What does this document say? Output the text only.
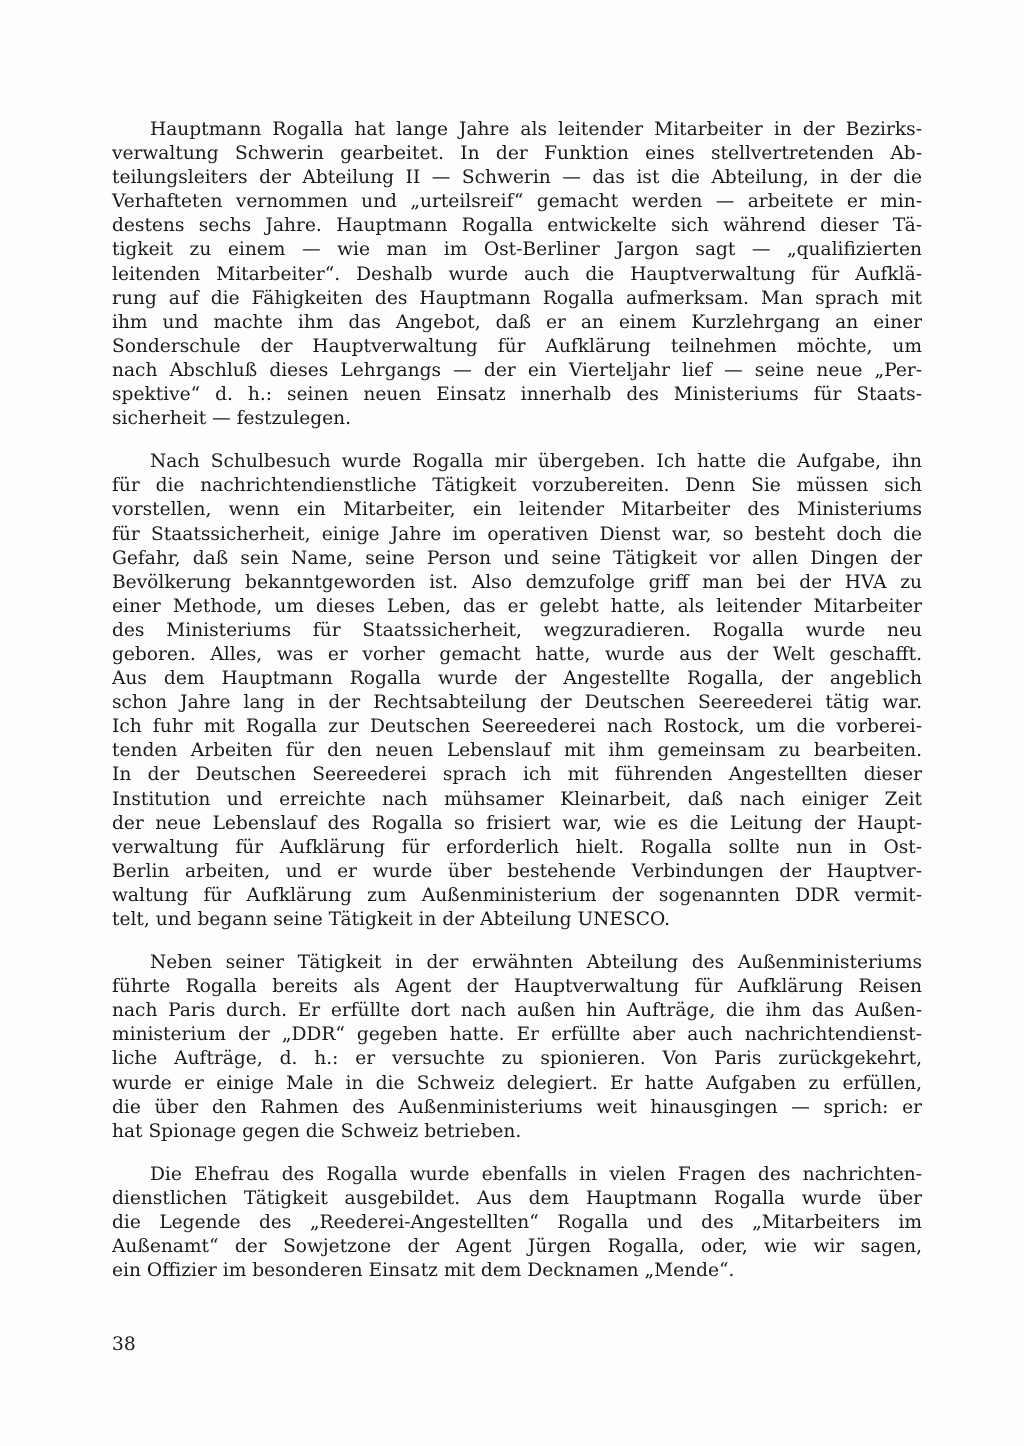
Hauptmann Rogalla hat lange Jahre als leitender Mitarbeiter in der Bezirks-
verwaltung Schwerin gearbeitet. In der Funktion eines stellvertretenden Ab-
teilungsleiters der Abteilung II — Schwerin — das ist die Abteilung, in der die
Verhafteten vernommen und „urteilsreif“ gemacht werden — arbeitete er min-
destens sechs Jahre. Hauptmann Rogalla entwickelte sich während dieser Tä-
tigkeit zu einem — wie man im Ost-Berliner Jargon sagt — „qualifizierten
leitenden Mitarbeiter“. Deshalb wurde auch die Hauptverwaltung für Aufklä-
rung auf die Fähigkeiten des Hauptmann Rogalla aufmerksam. Man sprach mit
ihm und machte ihm das Angebot, daß er an einem Kurzlehrgang an einer
Sonderschule der Hauptverwaltung für Aufklärung teilnehmen möchte, um
nach Abschluß dieses Lehrgangs — der ein Vierteljahr lief — seine neue „Per-
spektive“ d. h.: seinen neuen Einsatz innerhalb des Ministeriums für Staats-
sicherheit — festzulegen.
Nach Schulbesuch wurde Rogalla mir übergeben. Ich hatte die Aufgabe, ihn
für die nachrichtendienstliche Tätigkeit vorzubereiten. Denn Sie müssen sich
vorstellen, wenn ein Mitarbeiter, ein leitender Mitarbeiter des Ministeriums
für Staatssicherheit, einige Jahre im operativen Dienst war, so besteht doch die
Gefahr, daß sein Name, seine Person und seine Tätigkeit vor allen Dingen der
Bevölkerung bekanntgeworden ist. Also demzufolge griff man bei der HVA zu
einer Methode, um dieses Leben, das er gelebt hatte, als leitender Mitarbeiter
des Ministeriums für Staatssicherheit, wegzuradieren. Rogalla wurde neu
geboren. Alles, was er vorher gemacht hatte, wurde aus der Welt geschafft.
Aus dem Hauptmann Rogalla wurde der Angestellte Rogalla, der angeblich
schon Jahre lang in der Rechtsabteilung der Deutschen Seereederei tätig war.
Ich fuhr mit Rogalla zur Deutschen Seereederei nach Rostock, um die vorberei-
tenden Arbeiten für den neuen Lebenslauf mit ihm gemeinsam zu bearbeiten.
In der Deutschen Seereederei sprach ich mit führenden Angestellten dieser
Institution und erreichte nach mühsamer Kleinarbeit, daß nach einiger Zeit
der neue Lebenslauf des Rogalla so frisiert war, wie es die Leitung der Haupt-
verwaltung für Aufklärung für erforderlich hielt. Rogalla sollte nun in Ost-
Berlin arbeiten, und er wurde über bestehende Verbindungen der Hauptver-
waltung für Aufklärung zum Außenministerium der sogenannten DDR vermit-
telt, und begann seine Tätigkeit in der Abteilung UNESCO.
Neben seiner Tätigkeit in der erwähnten Abteilung des Außenministeriums
führte Rogalla bereits als Agent der Hauptverwaltung für Aufklärung Reisen
nach Paris durch. Er erfüllte dort nach außen hin Aufträge, die ihm das Außen-
ministerium der „DDR“ gegeben hatte. Er erfüllte aber auch nachrichtendienst-
liche Aufträge, d. h.: er versuchte zu spionieren. Von Paris zurückgekehrt,
wurde er einige Male in die Schweiz delegiert. Er hatte Aufgaben zu erfüllen,
die über den Rahmen des Außenministeriums weit hinausgingen — sprich: er
hat Spionage gegen die Schweiz betrieben.
Die Ehefrau des Rogalla wurde ebenfalls in vielen Fragen des nachrichten-
dienstlichen Tätigkeit ausgebildet. Aus dem Hauptmann Rogalla wurde über
die Legende des „Reederei-Angestellten“ Rogalla und des „Mitarbeiters im
Außenamt“ der Sowjetzone der Agent Jürgen Rogalla, oder, wie wir sagen,
ein Offizier im besonderen Einsatz mit dem Decknamen „Mende“.
38
